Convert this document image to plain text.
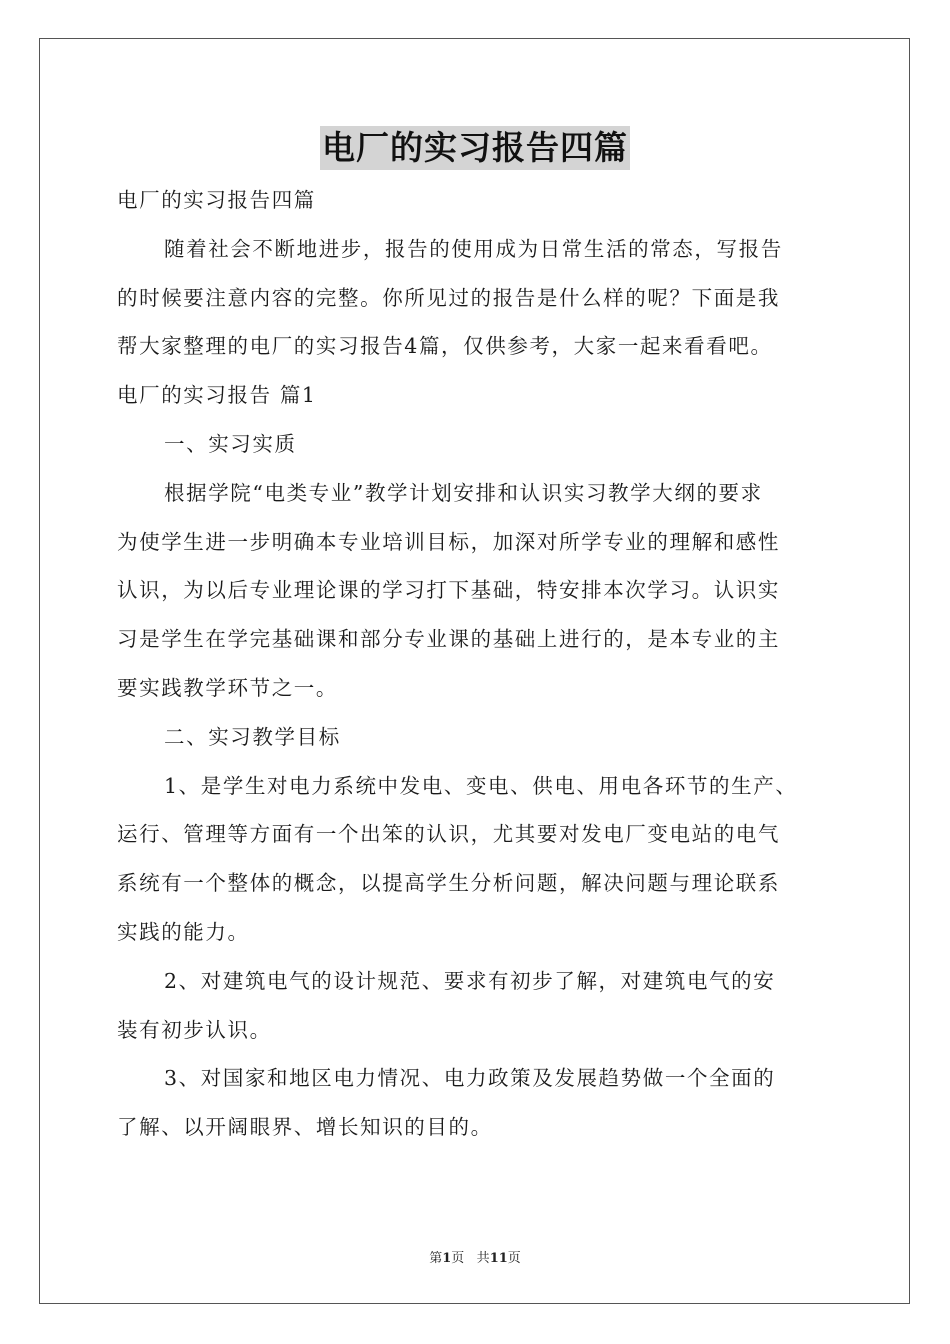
电厂的实习报告四篇
电厂的实习报告四篇
随着社会不断地进步，报告的使用成为日常生活的常态，写报告
的时候要注意内容的完整。你所见过的报告是什么样的呢？下面是我
帮大家整理的电厂的实习报告4篇，仅供参考，大家一起来看看吧。
电厂的实习报告 篇1
一、实习实质
根据学院“电类专业”教学计划安排和认识实习教学大纲的要求
为使学生进一步明确本专业培训目标，加深对所学专业的理解和感性
认识，为以后专业理论课的学习打下基础，特安排本次学习。认识实
习是学生在学完基础课和部分专业课的基础上进行的，是本专业的主
要实践教学环节之一。
二、实习教学目标
1、是学生对电力系统中发电、变电、供电、用电各环节的生产、
运行、管理等方面有一个出笨的认识，尤其要对发电厂变电站的电气
系统有一个整体的概念，以提高学生分析问题，解决问题与理论联系
实践的能力。
2、对建筑电气的设计规范、要求有初步了解，对建筑电气的安
装有初步认识。
3、对国家和地区电力情况、电力政策及发展趋势做一个全面的
了解、以开阔眼界、增长知识的目的。
第1页 共11页
